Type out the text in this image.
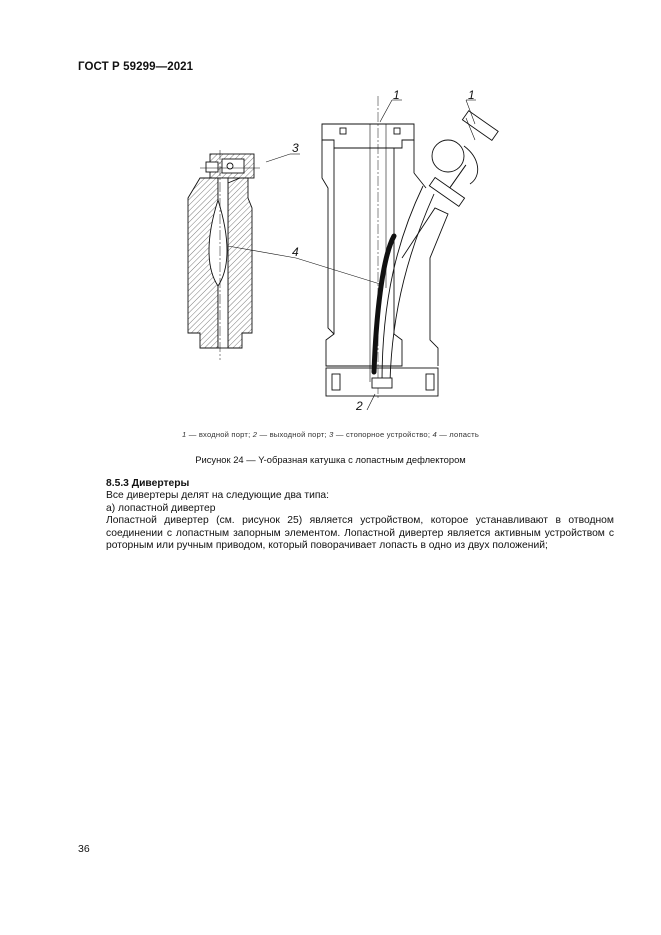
ГОСТ Р 59299—2021
1	1
2
3
4
1 — входной порт; 2 — выходной порт; 3 — стопорное устройство; 4 — лопасть
Рисунок 24 — Y-образная катушка с лопастным дефлектором
8.5.3 Дивертеры
Все дивертеры делят на следующие два типа:
а) лопастной дивертер
Лопастной дивертер (см. рисунок 25) является устройством, которое устанавливают в отводном соединении с лопастным запорным элементом. Лопастной дивертер является активным устройством с роторным или ручным приводом, который поворачивает лопасть в одно из двух положений;
36
